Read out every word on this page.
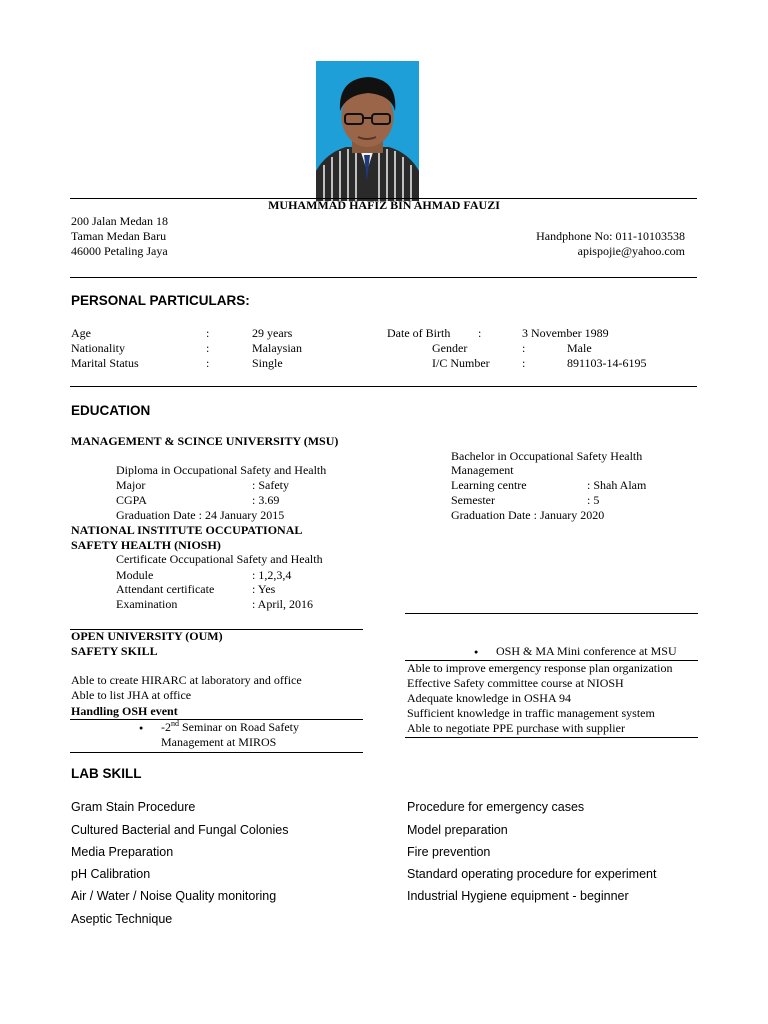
MUHAMMAD HAFIZ BIN AHMAD FAUZI
200 Jalan Medan 18
Taman Medan Baru
46000 Petaling Jaya
Handphone No: 011-10103538
apispojie@yahoo.com
PERSONAL PARTICULARS:
Age	:	29 years
Nationality	:	Malaysian
Marital Status	:	Single
Date of Birth :	3 November 1989
Gender	:	Male
I/C Number	:	891103-14-6195
EDUCATION
MANAGEMENT & SCINCE UNIVERSITY (MSU)
Diploma in Occupational Safety and Health
Major	: Safety
CGPA	: 3.69
Graduation Date : 24 January 2015
NATIONAL INSTITUTE OCCUPATIONAL
SAFETY HEALTH (NIOSH)
Certificate Occupational Safety and Health
Module	: 1,2,3,4
Attendant certificate	: Yes
Examination	: April, 2016
Bachelor in Occupational Safety Health
Management
Learning centre	: Shah Alam
Semester	: 5
Graduation Date : January 2020
OPEN UNIVERSITY (OUM)
SAFETY SKILL
●	OSH & MA Mini conference at MSU
Able to create HIRARC at laboratory and office
Able to list JHA at office
Handling OSH event
● -2nd Seminar on Road Safety
Management at MIROS
Able to improve emergency response plan organization
Effective Safety committee course at NIOSH
Adequate knowledge in OSHA 94
Sufficient knowledge in traffic management system
Able to negotiate PPE purchase with supplier
LAB SKILL
Gram Stain Procedure
Cultured Bacterial and Fungal Colonies
Media Preparation
pH Calibration
Air / Water / Noise Quality monitoring
Aseptic Technique
Procedure for emergency cases
Model preparation
Fire prevention
Standard operating procedure for experiment
Industrial Hygiene equipment - beginner
